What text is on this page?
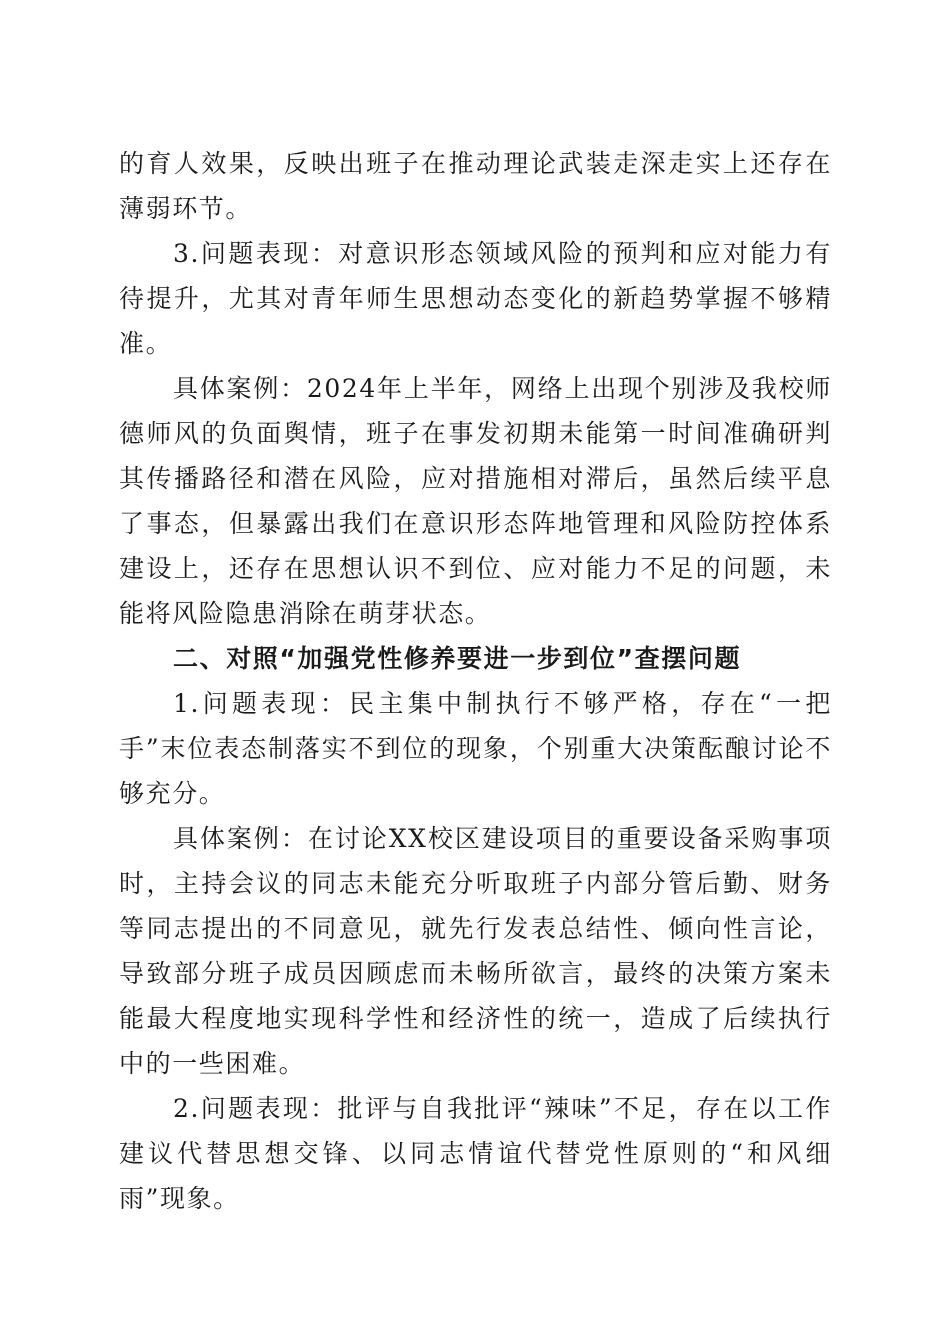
的育人效果，反映出班子在推动理论武装走深走实上还存在薄弱环节。

3.问题表现：对意识形态领域风险的预判和应对能力有待提升，尤其对青年师生思想动态变化的新趋势掌握不够精准。

具体案例：2024年上半年，网络上出现个别涉及我校师德师风的负面舆情，班子在事发初期未能第一时间准确研判其传播路径和潜在风险，应对措施相对滞后，虽然后续平息了事态，但暴露出我们在意识形态阵地管理和风险防控体系建设上，还存在思想认识不到位、应对能力不足的问题，未能将风险隐患消除在萌芽状态。

二、对照“加强党性修养要进一步到位”查摆问题

1.问题表现：民主集中制执行不够严格，存在“一把手”末位表态制落实不到位的现象，个别重大决策酝酿讨论不够充分。

具体案例：在讨论XX校区建设项目的重要设备采购事项时，主持会议的同志未能充分听取班子内部分管后勤、财务等同志提出的不同意见，就先行发表总结性、倾向性言论，导致部分班子成员因顾虑而未畅所欲言，最终的决策方案未能最大程度地实现科学性和经济性的统一，造成了后续执行中的一些困难。

2.问题表现：批评与自我批评“辣味”不足，存在以工作建议代替思想交锋、以同志情谊代替党性原则的“和风细雨”现象。
